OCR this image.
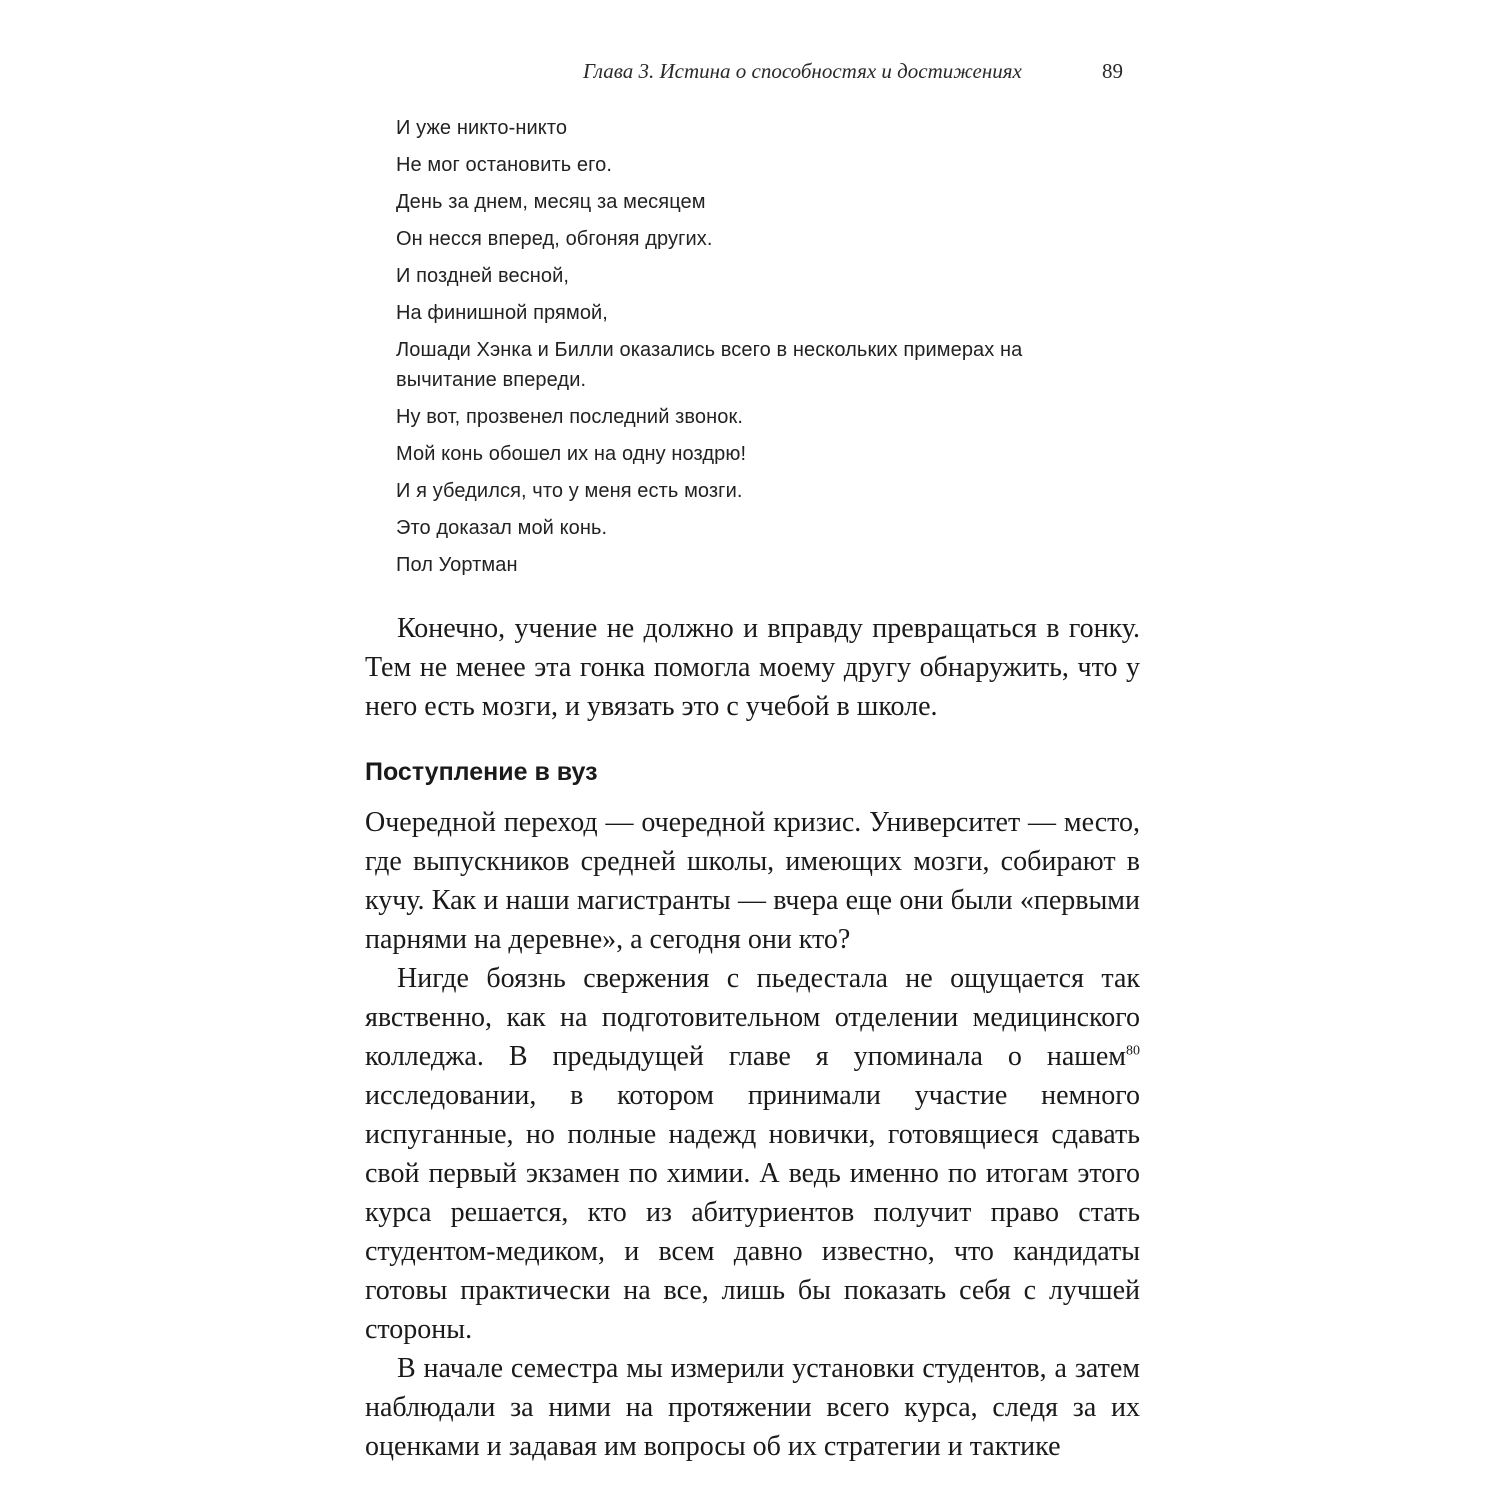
Глава 3. Истина о способностях и достижениях	89
И уже никто-никто
Не мог остановить его.
День за днем, месяц за месяцем
Он несся вперед, обгоняя других.
И поздней весной,
На финишной прямой,
Лошади Хэнка и Билли оказались всего в нескольких примерах на вычитание впереди.
Ну вот, прозвенел последний звонок.
Мой конь обошел их на одну ноздрю!
И я убедился, что у меня есть мозги.
Это доказал мой конь.
Пол Уортман
Конечно, учение не должно и вправду превращаться в гонку. Тем не менее эта гонка помогла моему другу обнаружить, что у него есть мозги, и увязать это с учебой в школе.
Поступление в вуз

Очередной переход — очередной кризис. Университет — место, где выпускников средней школы, имеющих мозги, собирают в кучу. Как и наши магистранты — вчера еще они были «первыми парнями на деревне», а сегодня они кто?

Нигде боязнь свержения с пьедестала не ощущается так явственно, как на подготовительном отделении медицинского колледжа. В предыдущей главе я упоминала о нашем$^{80}$ исследовании, в котором принимали участие немного испуганные, но полные надежд новички, готовящиеся сдавать свой первый экзамен по химии. А ведь именно по итогам этого курса решается, кто из абитуриентов получит право стать студентом-медиком, и всем давно известно, что кандидаты готовы практически на все, лишь бы показать себя с лучшей стороны.

В начале семестра мы измерили установки студентов, а затем наблюдали за ними на протяжении всего курса, следя за их оценками и задавая им вопросы об их стратегии и тактике
